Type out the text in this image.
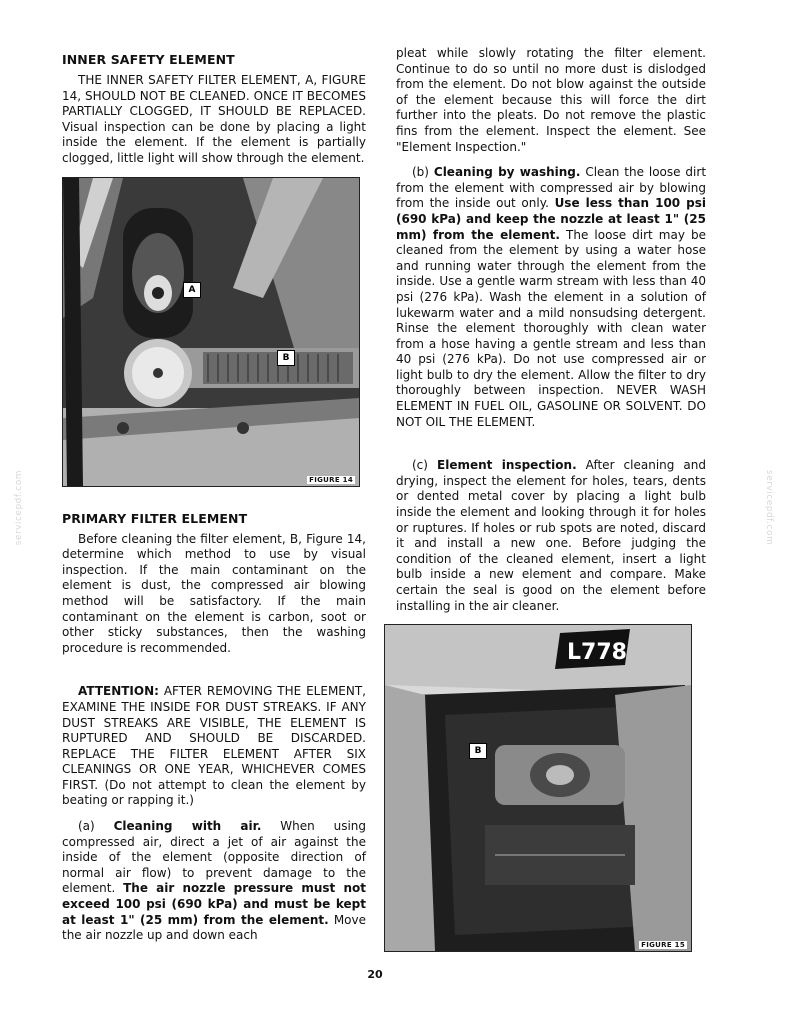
servicepdf.com	servicepdf.com
INNER SAFETY ELEMENT

THE INNER SAFETY FILTER ELEMENT, A, FIGURE 14, SHOULD NOT BE CLEANED. ONCE IT BECOMES PARTIALLY CLOGGED, IT SHOULD BE REPLACED. Visual inspection can be done by placing a light inside the element. If the element is partially clogged, little light will show through the element.

A
B
FIGURE 14
PRIMARY FILTER ELEMENT

Before cleaning the filter element, B, Figure 14, determine which method to use by visual inspection. If the main contaminant on the element is dust, the compressed air blowing method will be satisfactory. If the main contaminant on the element is carbon, soot or other sticky substances, then the washing procedure is recommended.

ATTENTION: AFTER REMOVING THE ELEMENT, EXAMINE THE INSIDE FOR DUST STREAKS. IF ANY DUST STREAKS ARE VISIBLE, THE ELEMENT IS RUPTURED AND SHOULD BE DISCARDED. REPLACE THE FILTER ELEMENT AFTER SIX CLEANINGS OR ONE YEAR, WHICHEVER COMES FIRST. (Do not attempt to clean the element by beating or rapping it.)

(a) Cleaning with air. When using compressed air, direct a jet of air against the inside of the element (opposite direction of normal air flow) to prevent damage to the element. The air nozzle pressure must not exceed 100 psi (690 kPa) and must be kept at least 1" (25 mm) from the element. Move the air nozzle up and down each

pleat while slowly rotating the filter element. Continue to do so until no more dust is dislodged from the element. Do not blow against the outside of the element because this will force the dirt further into the pleats. Do not remove the plastic fins from the element. Inspect the element. See "Element Inspection."

(b) Cleaning by washing. Clean the loose dirt from the element with compressed air by blowing from the inside out only. Use less than 100 psi (690 kPa) and keep the nozzle at least 1" (25 mm) from the element. The loose dirt may be cleaned from the element by using a water hose and running water through the element from the inside. Use a gentle warm stream with less than 40 psi (276 kPa). Wash the element in a solution of lukewarm water and a mild nonsudsing detergent. Rinse the element thoroughly with clean water from a hose having a gentle stream and less than 40 psi (276 kPa). Do not use compressed air or light bulb to dry the element. Allow the filter to dry thoroughly between inspection. NEVER WASH ELEMENT IN FUEL OIL, GASOLINE OR SOLVENT. DO NOT OIL THE ELEMENT.

(c) Element inspection. After cleaning and drying, inspect the element for holes, tears, dents or dented metal cover by placing a light bulb inside the element and looking through it for holes or ruptures. If holes or rub spots are noted, discard it and install a new one. Before judging the condition of the cleaned element, insert a light bulb inside a new element and compare. Make certain the seal is good on the element before installing in the air cleaner.

L778
B
FIGURE 15
20
